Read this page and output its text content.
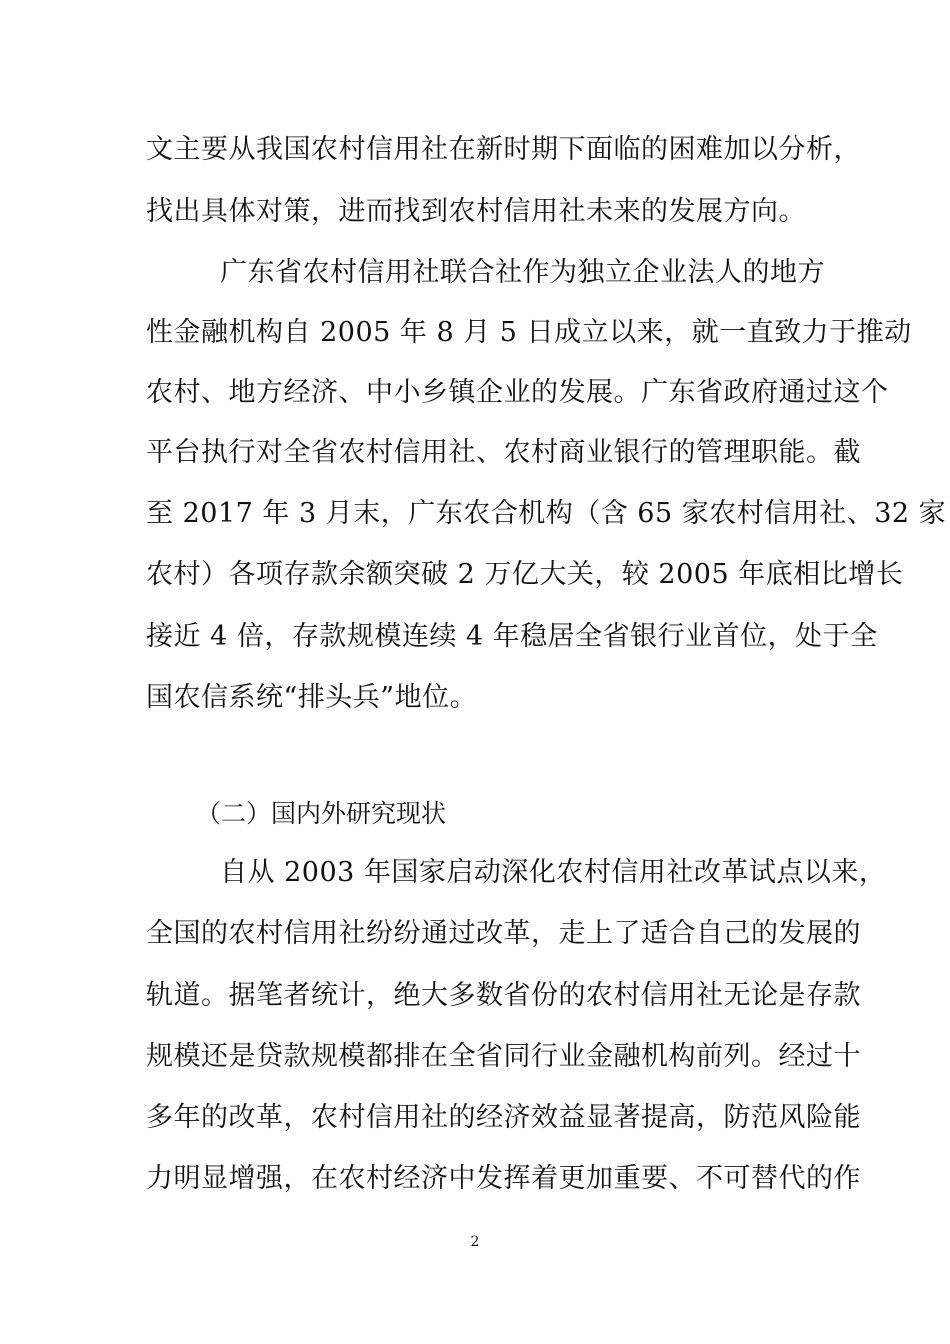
文主要从我国农村信用社在新时期下面临的困难加以分析，
找出具体对策，进而找到农村信用社未来的发展方向。
广东省农村信用社联合社作为独立企业法人的地方
性金融机构自 2005 年 8 月 5 日成立以来，就一直致力于推动
农村、地方经济、中小乡镇企业的发展。广东省政府通过这个
平台执行对全省农村信用社、农村商业银行的管理职能。截
至 2017 年 3 月末，广东农合机构（含 65 家农村信用社、32 家
农村）各项存款余额突破 2 万亿大关，较 2005 年底相比增长
接近 4 倍，存款规模连续 4 年稳居全省银行业首位，处于全
国农信系统“排头兵”地位。
（二）国内外研究现状
自从 2003 年国家启动深化农村信用社改革试点以来，
全国的农村信用社纷纷通过改革，走上了适合自己的发展的
轨道。据笔者统计，绝大多数省份的农村信用社无论是存款
规模还是贷款规模都排在全省同行业金融机构前列。经过十
多年的改革，农村信用社的经济效益显著提高，防范风险能
力明显增强，在农村经济中发挥着更加重要、不可替代的作
2
